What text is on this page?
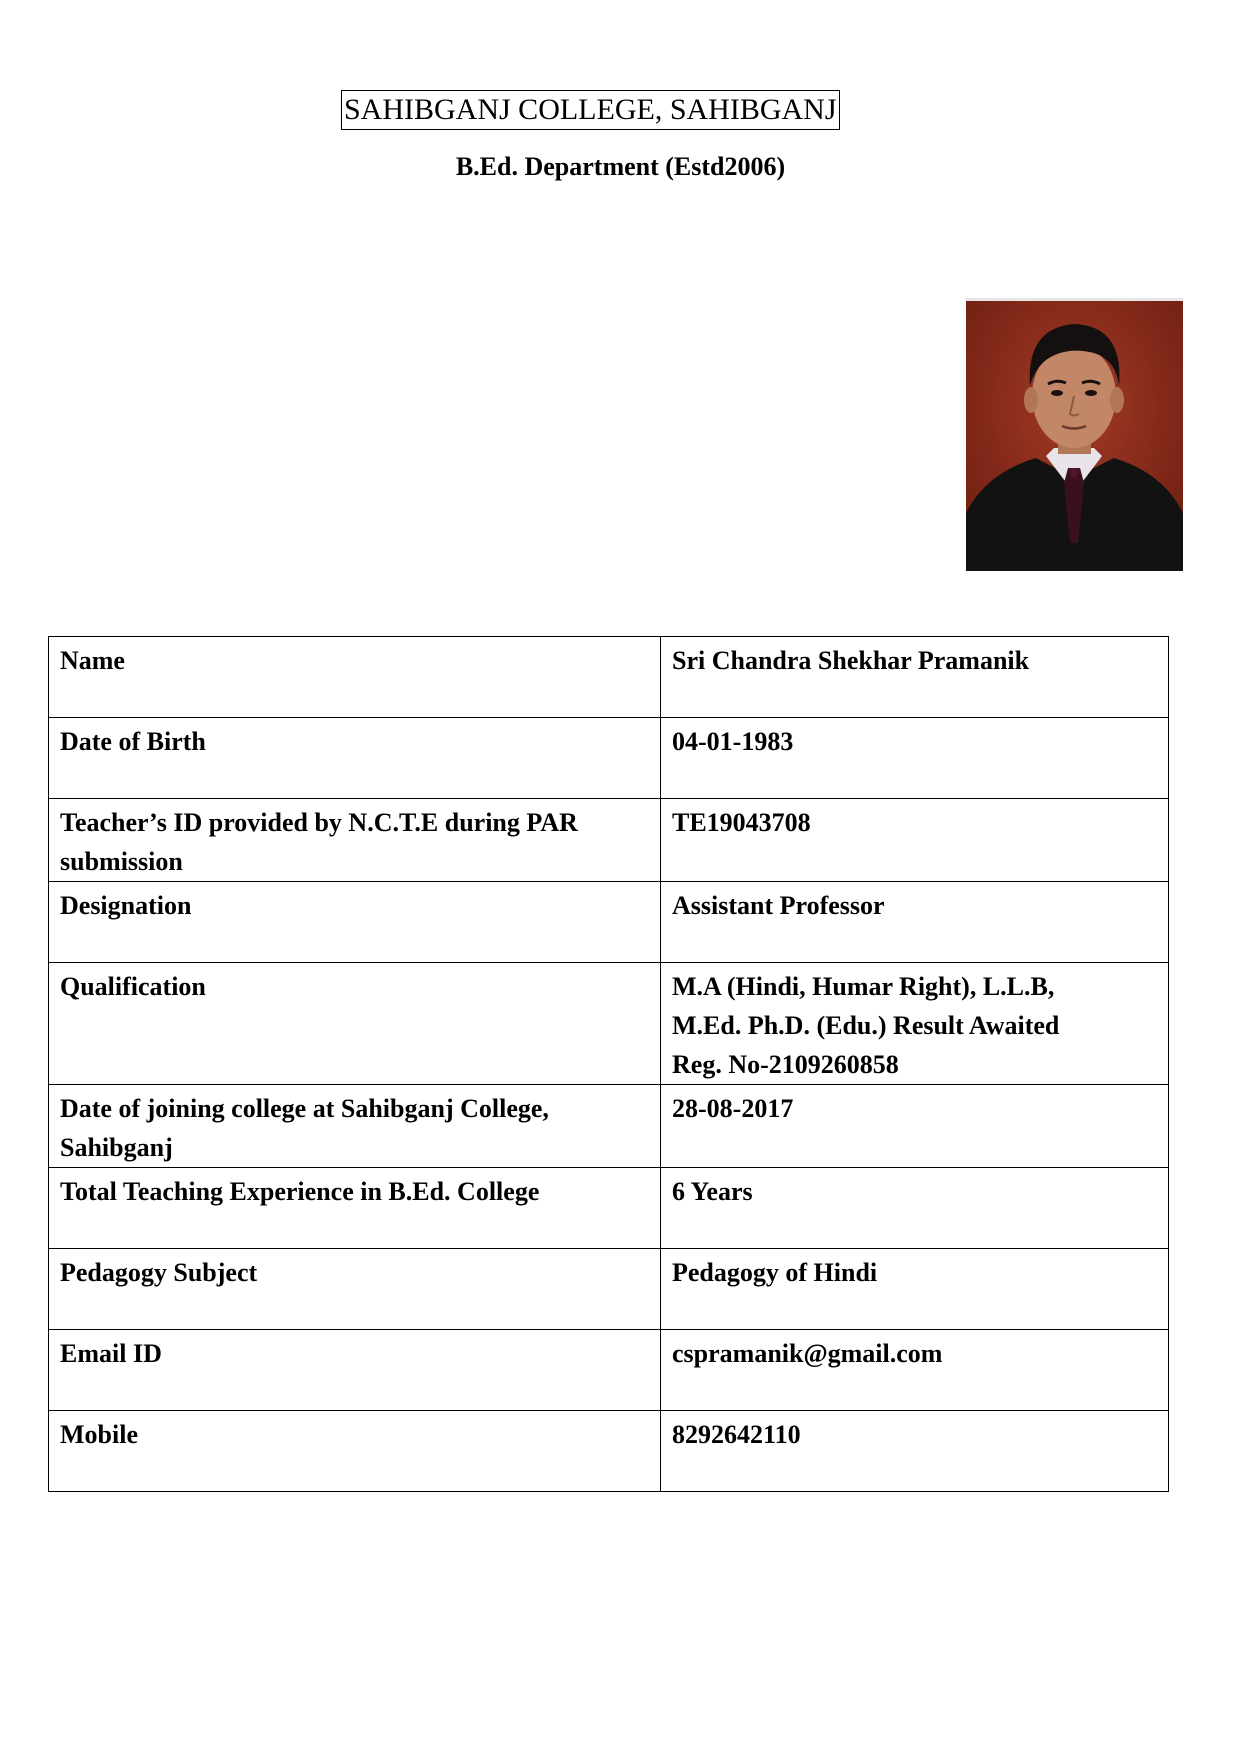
SAHIBGANJ COLLEGE, SAHIBGANJ
B.Ed. Department (Estd2006)
Name	Sri Chandra Shekhar Pramanik

Date of Birth	04-01-1983

Teacher’s ID provided by N.C.T.E during PAR submission	TE19043708

Designation	Assistant Professor

Qualification	M.A (Hindi, Humar Right), L.L.B,
M.Ed. Ph.D. (Edu.) Result Awaited
Reg. No-2109260858

Date of joining college at Sahibganj College, Sahibganj	28-08-2017

Total Teaching Experience in B.Ed. College	6 Years

Pedagogy Subject	Pedagogy of Hindi

Email ID	cspramanik@gmail.com

Mobile	8292642110
